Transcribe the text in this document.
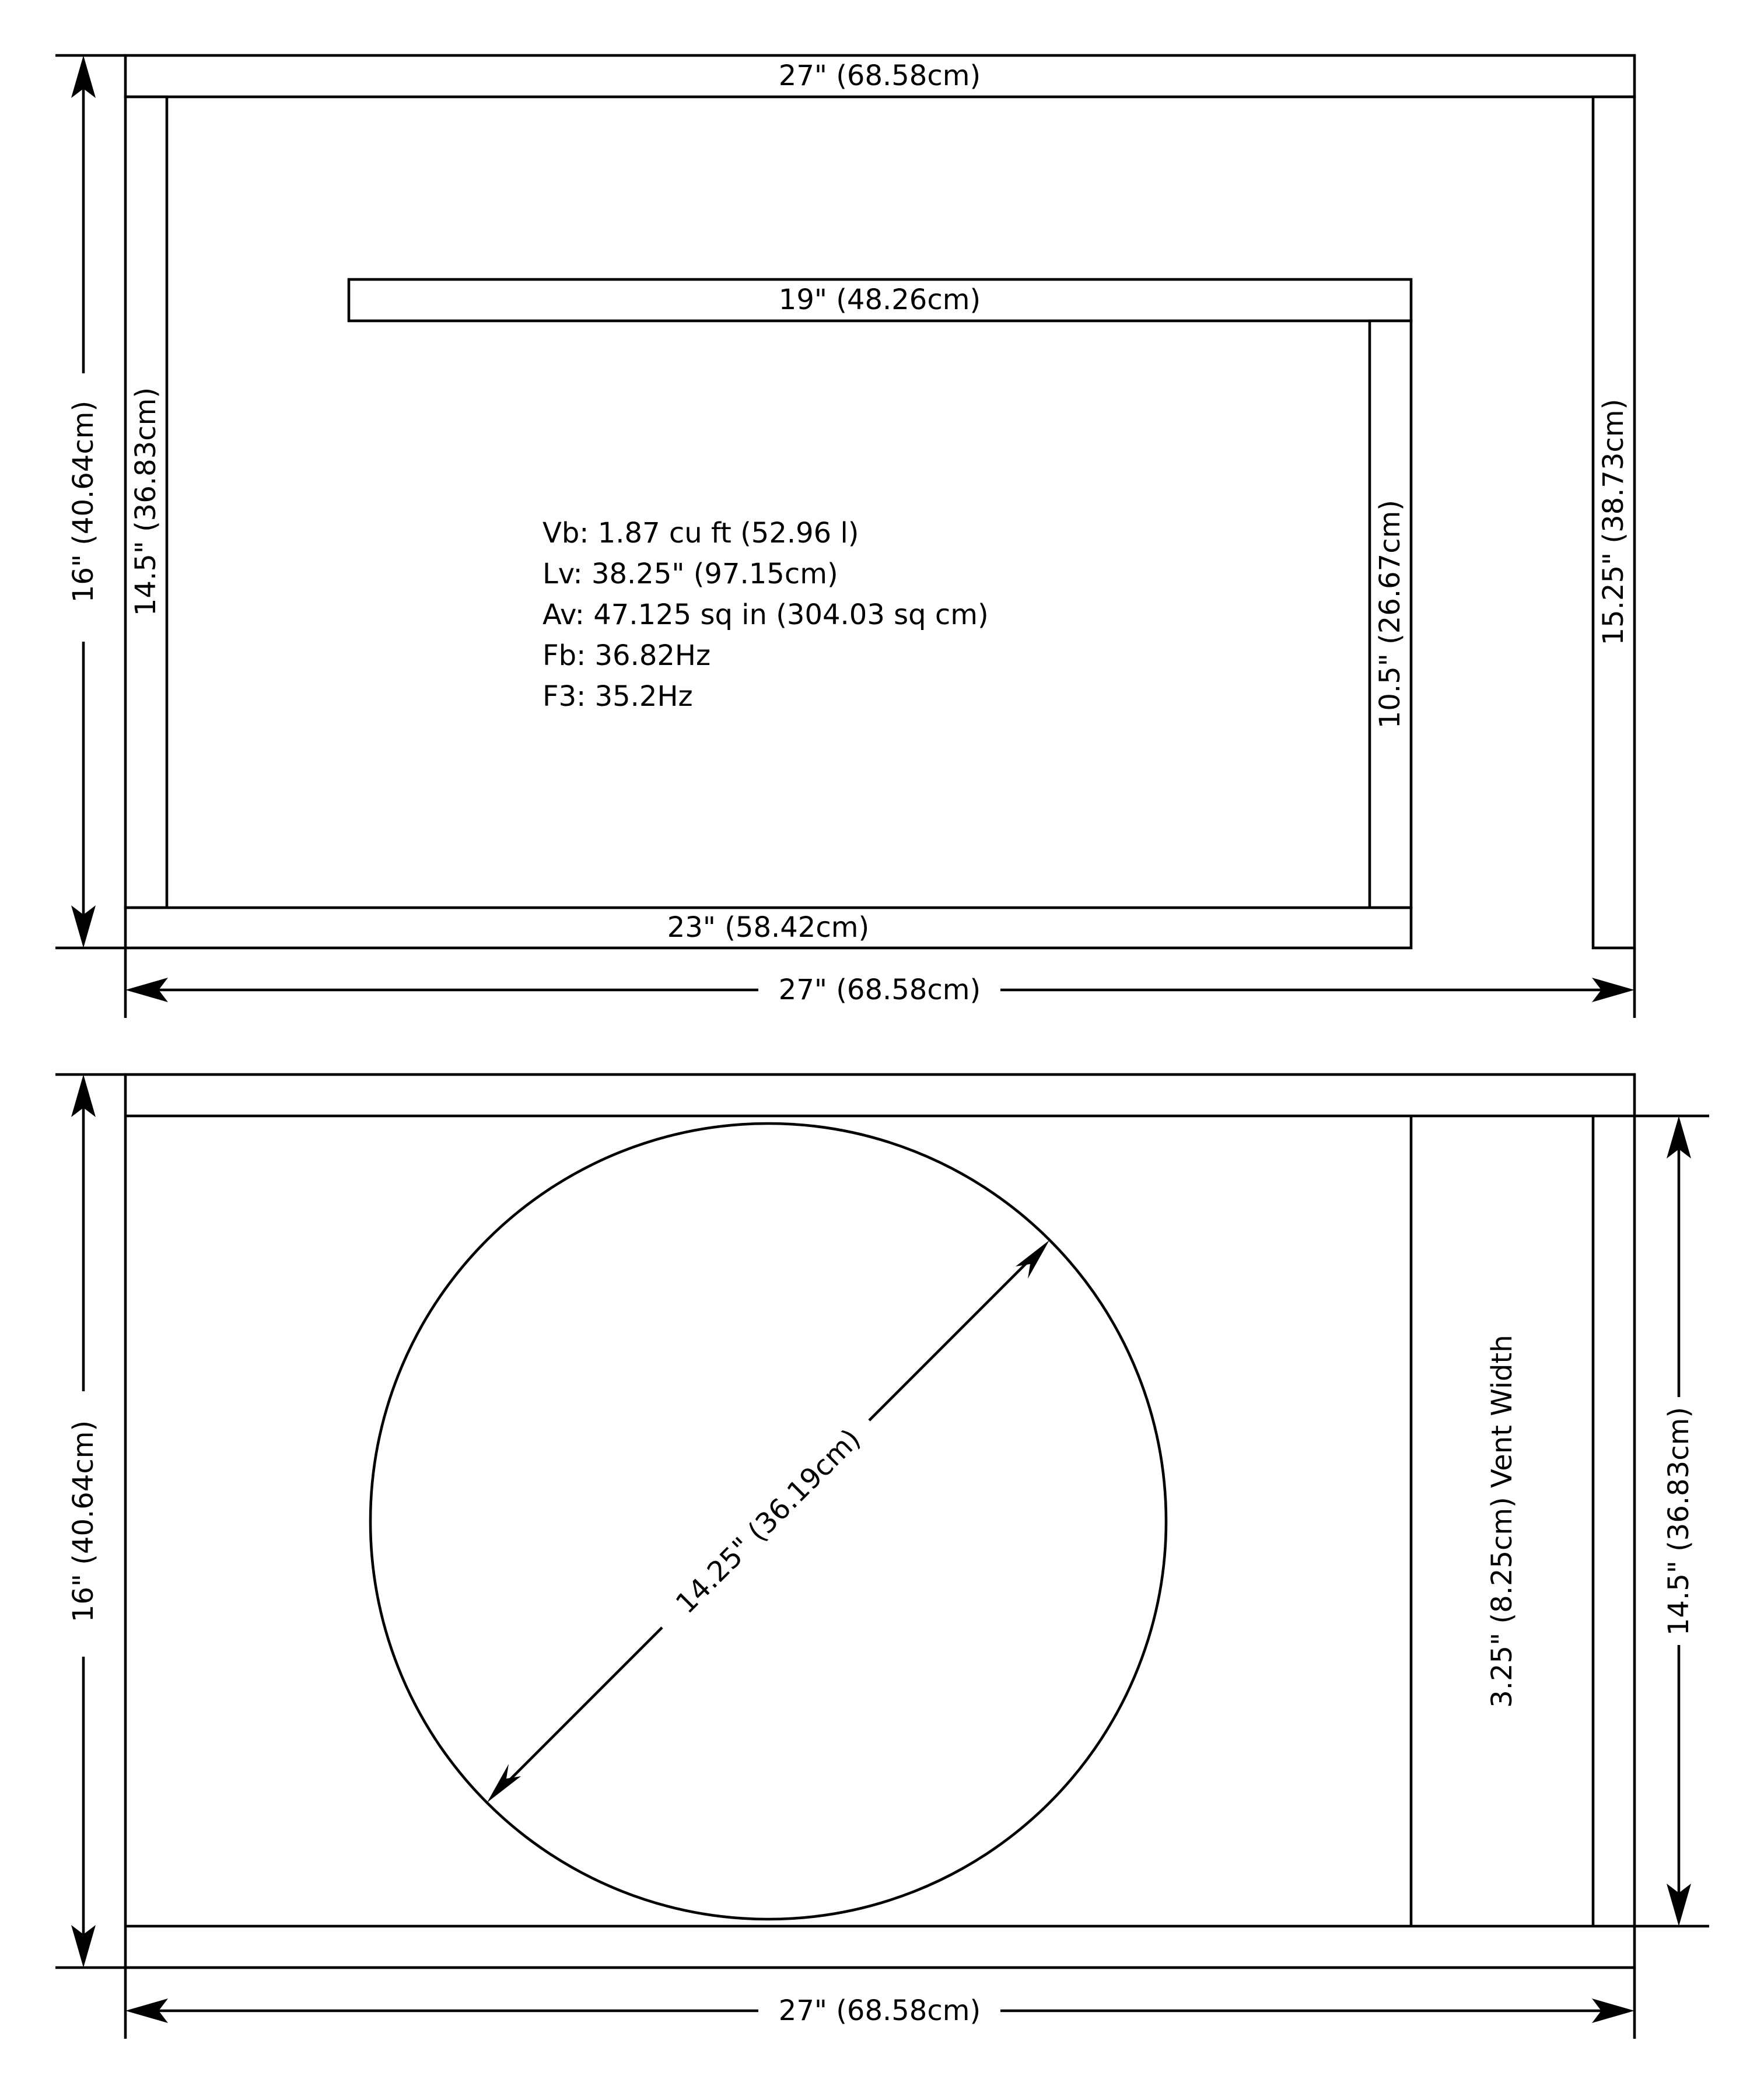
27" (68.58cm)
19" (48.26cm)
23" (58.42cm)
14.5" (36.83cm)	10.5" (26.67cm)	15.25" (38.73cm)
Vb: 1.87 cu ft (52.96 l)
Lv: 38.25" (97.15cm)
Av: 47.125 sq in (304.03 sq cm)
Fb: 36.82Hz
F3: 35.2Hz
16" (40.64cm)
27" (68.58cm)
14.25" (36.19cm)	3.25" (8.25cm) Vent Width
16" (40.64cm)	14.5" (36.83cm)
27" (68.58cm)
